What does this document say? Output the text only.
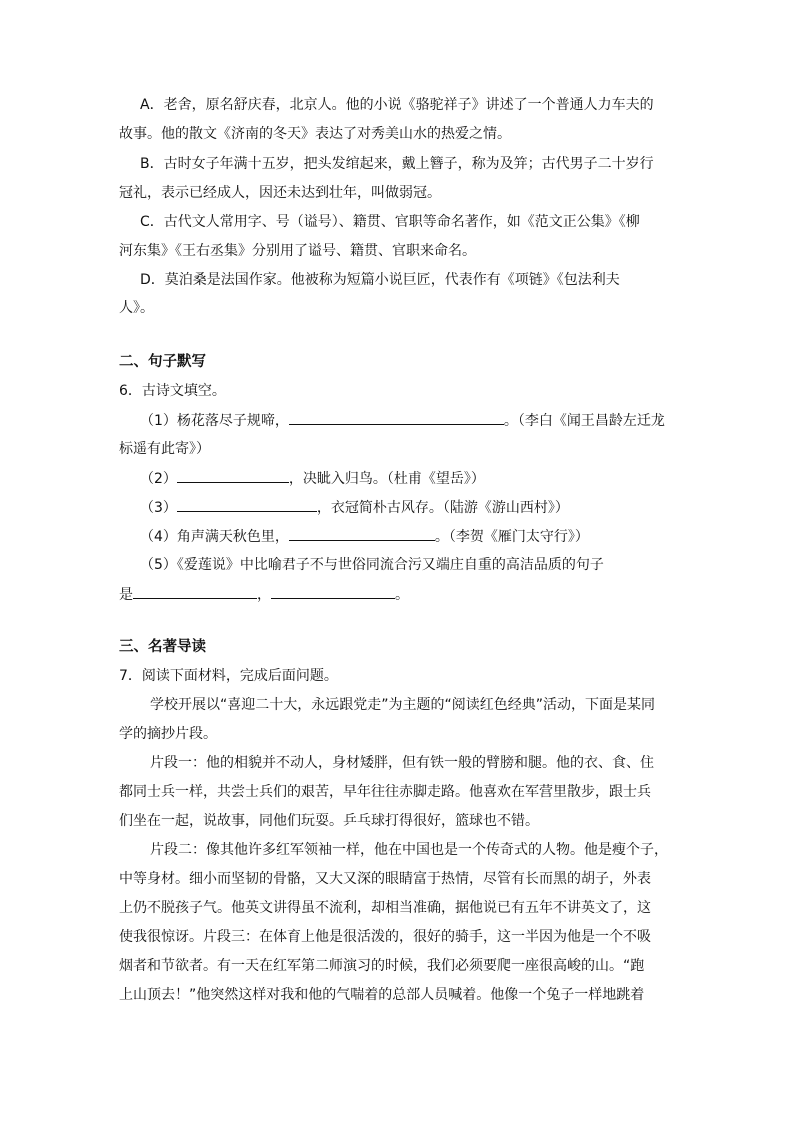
A．老舍，原名舒庆春，北京人。他的小说《骆驼祥子》讲述了一个普通人力车夫的
故事。他的散文《济南的冬天》表达了对秀美山水的热爱之情。
B．古时女子年满十五岁，把头发绾起来，戴上簪子，称为及笄；古代男子二十岁行
冠礼，表示已经成人，因还未达到壮年，叫做弱冠。
C．古代文人常用字、号（谥号）、籍贯、官职等命名著作，如《范文正公集》《柳
河东集》《王右丞集》分别用了谥号、籍贯、官职来命名。
D．莫泊桑是法国作家。他被称为短篇小说巨匠，代表作有《项链》《包法利夫
人》。
二、句子默写
6．古诗文填空。
（1）杨花落尽子规啼，	。（李白《闻王昌龄左迁龙
标遥有此寄》）
（2）	，决眦入归鸟。（杜甫《望岳》）
（3）	，衣冠简朴古风存。（陆游《游山西村》）
（4）角声满天秋色里，	。（李贺《雁门太守行》）
（5）《爱莲说》中比喻君子不与世俗同流合污又端庄自重的高洁品质的句子
是	，	。
三、名著导读
7．阅读下面材料，完成后面问题。
学校开展以“喜迎二十大，永远跟党走”为主题的“阅读红色经典”活动，下面是某同
学的摘抄片段。
片段一：他的相貌并不动人，身材矮胖，但有铁一般的臂膀和腿。他的衣、食、住
都同士兵一样，共尝士兵们的艰苦，早年往往赤脚走路。他喜欢在军营里散步，跟士兵
们坐在一起，说故事，同他们玩耍。乒乓球打得很好，篮球也不错。
片段二：像其他许多红军领袖一样，他在中国也是一个传奇式的人物。他是瘦个子，
中等身材。细小而坚韧的骨骼，又大又深的眼睛富于热情，尽管有长而黑的胡子，外表
上仍不脱孩子气。他英文讲得虽不流利，却相当准确，据他说已有五年不讲英文了，这
使我很惊讶。片段三：在体育上他是很活泼的，很好的骑手，这一半因为他是一个不吸
烟者和节欲者。有一天在红军第二师演习的时候，我们必须要爬一座很高峻的山。“跑
上山顶去！”他突然这样对我和他的气喘着的总部人员喊着。他像一个兔子一样地跳着
